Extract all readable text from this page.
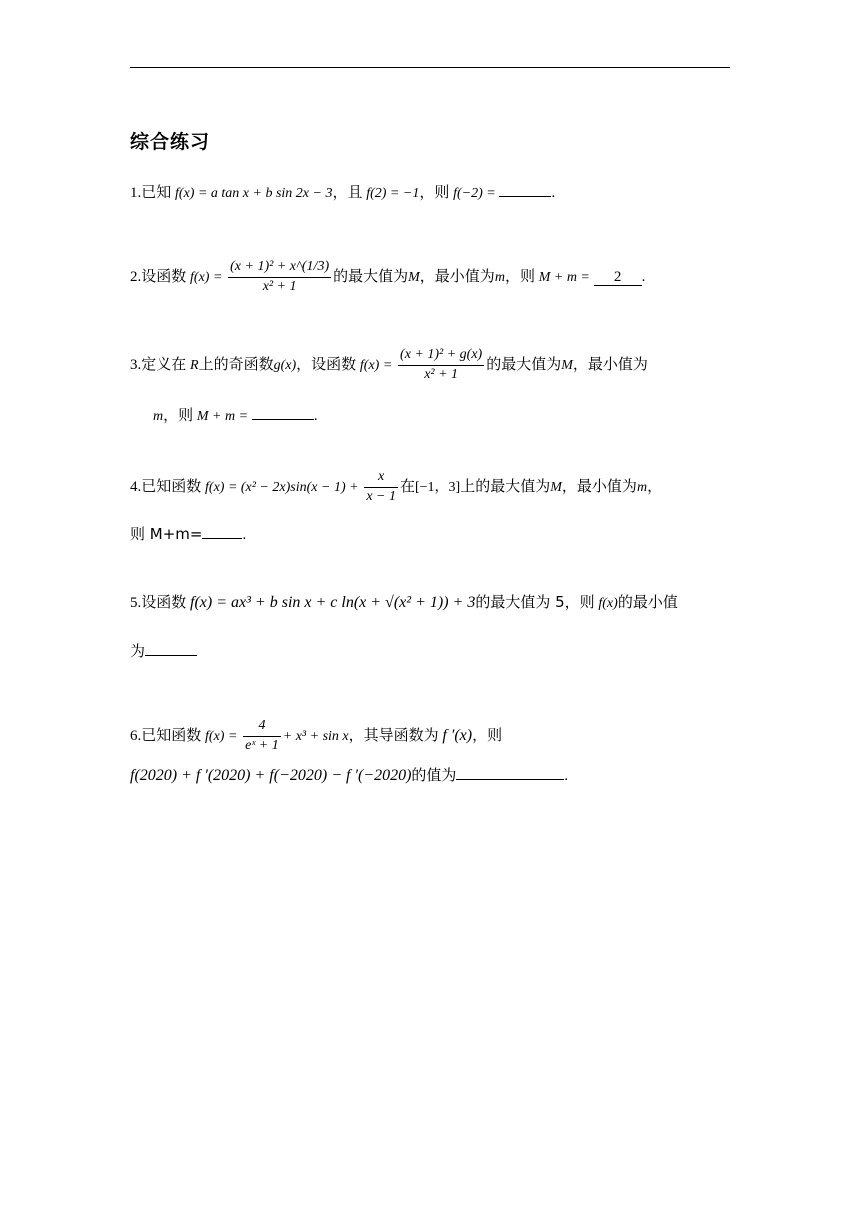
综合练习
1.已知 f(x) = a tan x + b sin 2x − 3，且 f(2) = −1，则 f(−2) =	.
2.设函数 $f(x) = \frac{\text{(x + 1)² + x\textasciicircum{}(1/3)}}{\text{x² + 1}}$ 的最大值为M，最小值为m，则 M + m = 2 .
3.定义在 R上的奇函数g(x)，设函数 $f(x) = \frac{\text{(x + 1)² + g(x)}}{\text{x² + 1}}$ 的最大值为M，最小值为
m，则 M + m =	.
4.已知函数 $f(x) = (x^2 - 2x)\sin(x - 1) + \frac{x}{x - 1}$ 在[−1，3]上的最大值为M，最小值为m，
则 M+m=	.
5.设函数 f(x) = ax³ + b sin x + c ln(x + √(x² + 1)) + 3的最大值为 5，则 f(x)的最小值
为
6.已知函数 $f(x) = \frac{4}{\text{eˣ + 1}} + x^3 + \sin x$，其导函数为 f ′(x)，则
f(2020) + f ′(2020) + f(−2020) − f ′(−2020)的值为	.
